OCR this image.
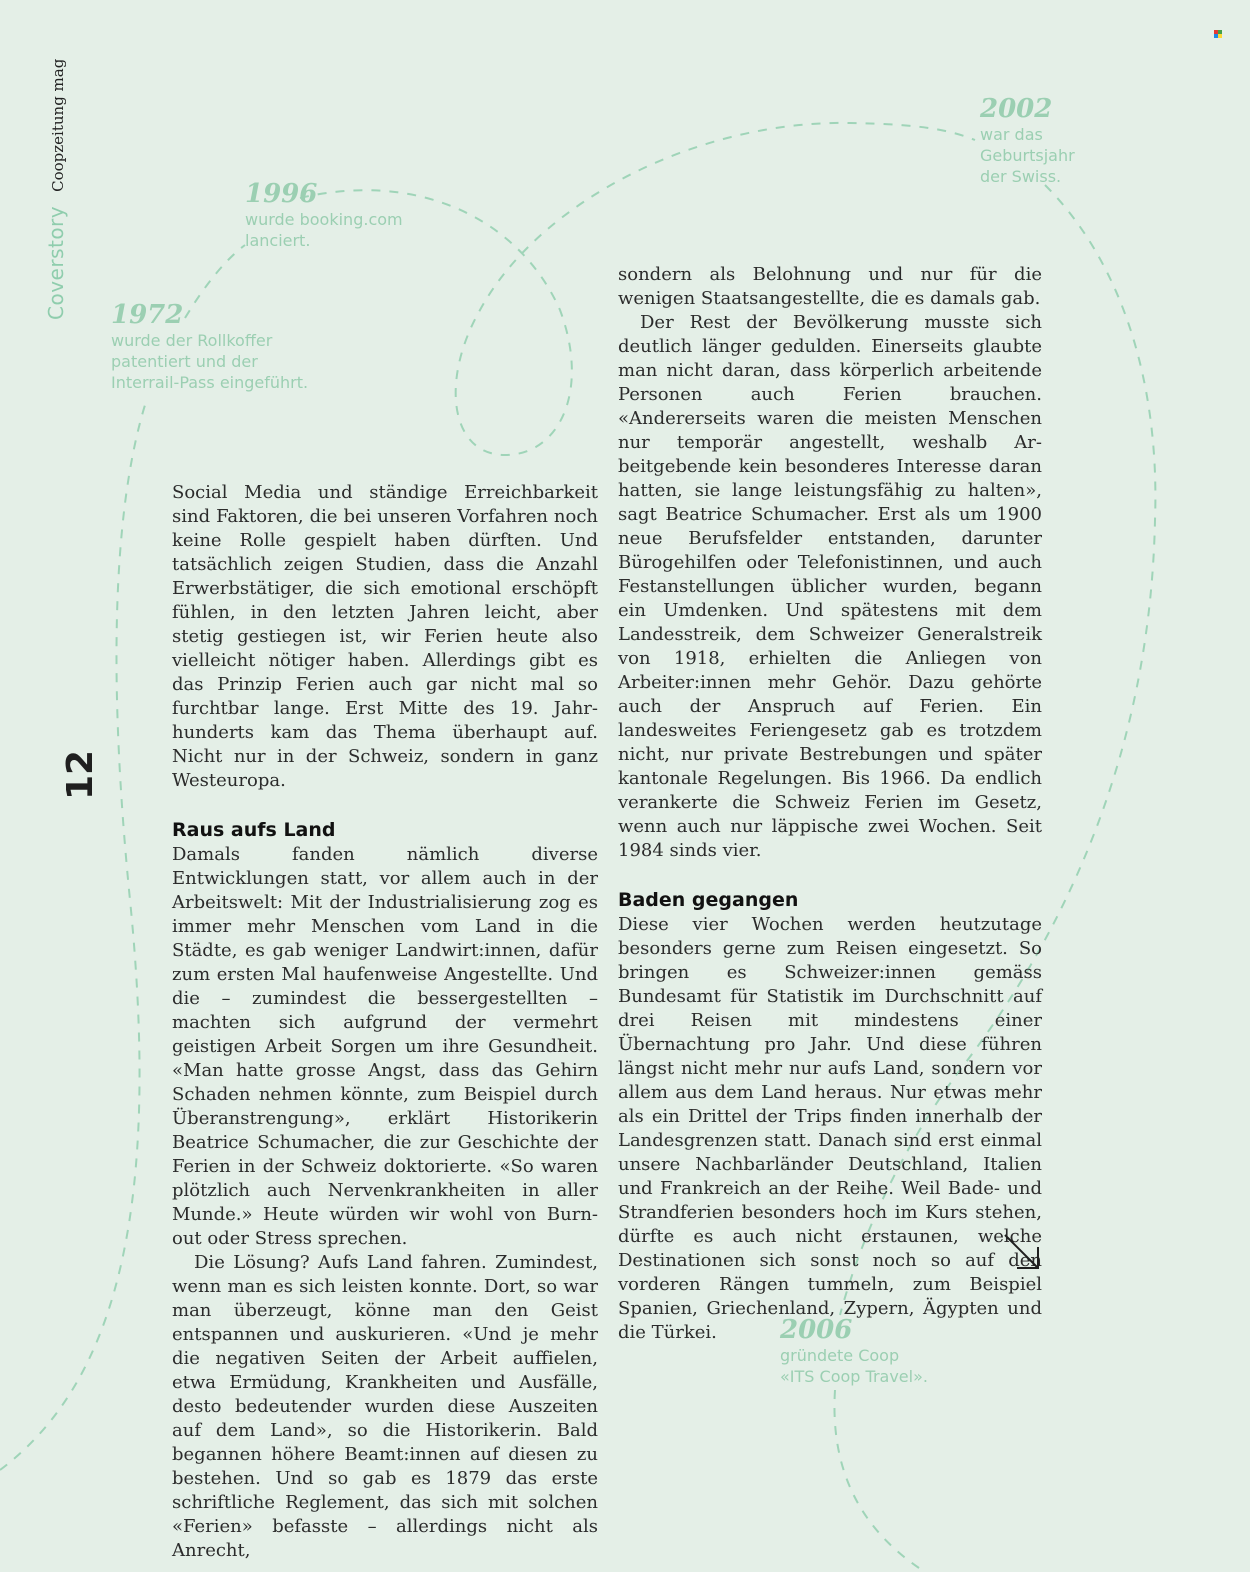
Coverstory
Coopzeitung mag
12
1972
wurde der Rollkoffer
patentiert und der
Interrail-Pass eingeführt.
1996
wurde booking.com
lanciert.
2002
war das
Geburtsjahr
der Swiss.
2006
gründete Coop
«ITS Coop Travel».

Social Media und ständige Erreichbarkeit sind Faktoren, die bei unseren Vorfahren noch keine Rolle gespielt haben dürften. Und tatsächlich zeigen Studien, dass die Anzahl Erwerbstätiger, die sich emotional erschöpft fühlen, in den letzten Jahren leicht, aber stetig gestiegen ist, wir Ferien heute also vielleicht nötiger haben. Allerdings gibt es das Prinzip Ferien auch gar nicht mal so furchtbar lange. Erst Mitte des 19. Jahrhunderts kam das Thema überhaupt auf. Nicht nur in der Schweiz, sondern in ganz Westeuropa.

Raus aufs Land

Damals fanden nämlich diverse Entwicklungen statt, vor allem auch in der Arbeitswelt: Mit der Industrialisierung zog es immer mehr Menschen vom Land in die Städte, es gab weniger Landwirt:innen, dafür zum ersten Mal haufenweise Angestellte. Und die – zumindest die bessergestellten – machten sich aufgrund der vermehrt geistigen Arbeit Sorgen um ihre Gesundheit. «Man hatte grosse Angst, dass das Gehirn Schaden nehmen könnte, zum Beispiel durch Überanstrengung», erklärt Historikerin Beatrice Schumacher, die zur Geschichte der Ferien in der Schweiz doktorierte. «So waren plötzlich auch Nervenkrankheiten in aller Munde.» Heute würden wir wohl von Burn-out oder Stress sprechen.

Die Lösung? Aufs Land fahren. Zumindest, wenn man es sich leisten konnte. Dort, so war man überzeugt, könne man den Geist entspannen und auskurieren. «Und je mehr die negativen Seiten der Arbeit auffielen, etwa Ermüdung, Krankheiten und Ausfälle, desto bedeutender wurden diese Auszeiten auf dem Land», so die Historikerin. Bald begannen höhere Beamt:innen auf diesen zu bestehen. Und so gab es 1879 das erste schriftliche Reglement, das sich mit solchen «Ferien» befasste – allerdings nicht als Anrecht,

sondern als Belohnung und nur für die wenigen Staatsangestellte, die es damals gab.

Der Rest der Bevölkerung musste sich deutlich länger gedulden. Einerseits glaubte man nicht daran, dass körperlich arbeitende Personen auch Ferien brauchen. «Andererseits waren die meisten Menschen nur temporär angestellt, weshalb Arbeitgebende kein besonderes Interesse daran hatten, sie lange leistungsfähig zu halten», sagt Beatrice Schumacher. Erst als um 1900 neue Berufsfelder entstanden, darunter Bürogehilfen oder Telefonistinnen, und auch Festanstellungen üblicher wurden, begann ein Umdenken. Und spätestens mit dem Landesstreik, dem Schweizer Generalstreik von 1918, erhielten die Anliegen von Arbeiter:innen mehr Gehör. Dazu gehörte auch der Anspruch auf Ferien. Ein landesweites Feriengesetz gab es trotzdem nicht, nur private Bestrebungen und später kantonale Regelungen. Bis 1966. Da endlich verankerte die Schweiz Ferien im Gesetz, wenn auch nur läppische zwei Wochen. Seit 1984 sinds vier.

Baden gegangen

Diese vier Wochen werden heutzutage besonders gerne zum Reisen eingesetzt. So bringen es Schweizer:innen gemäss Bundesamt für Statistik im Durchschnitt auf drei Reisen mit mindestens einer Übernachtung pro Jahr. Und diese führen längst nicht mehr nur aufs Land, sondern vor allem aus dem Land heraus. Nur etwas mehr als ein Drittel der Trips finden innerhalb der Landesgrenzen statt. Danach sind erst einmal unsere Nachbarländer Deutschland, Italien und Frankreich an der Reihe. Weil Bade- und Strandferien besonders hoch im Kurs stehen, dürfte es auch nicht erstaunen, welche Destinationen sich sonst noch so auf den vorderen Rängen tummeln, zum Beispiel Spanien, Griechenland, Zypern, Ägypten und die Türkei.
